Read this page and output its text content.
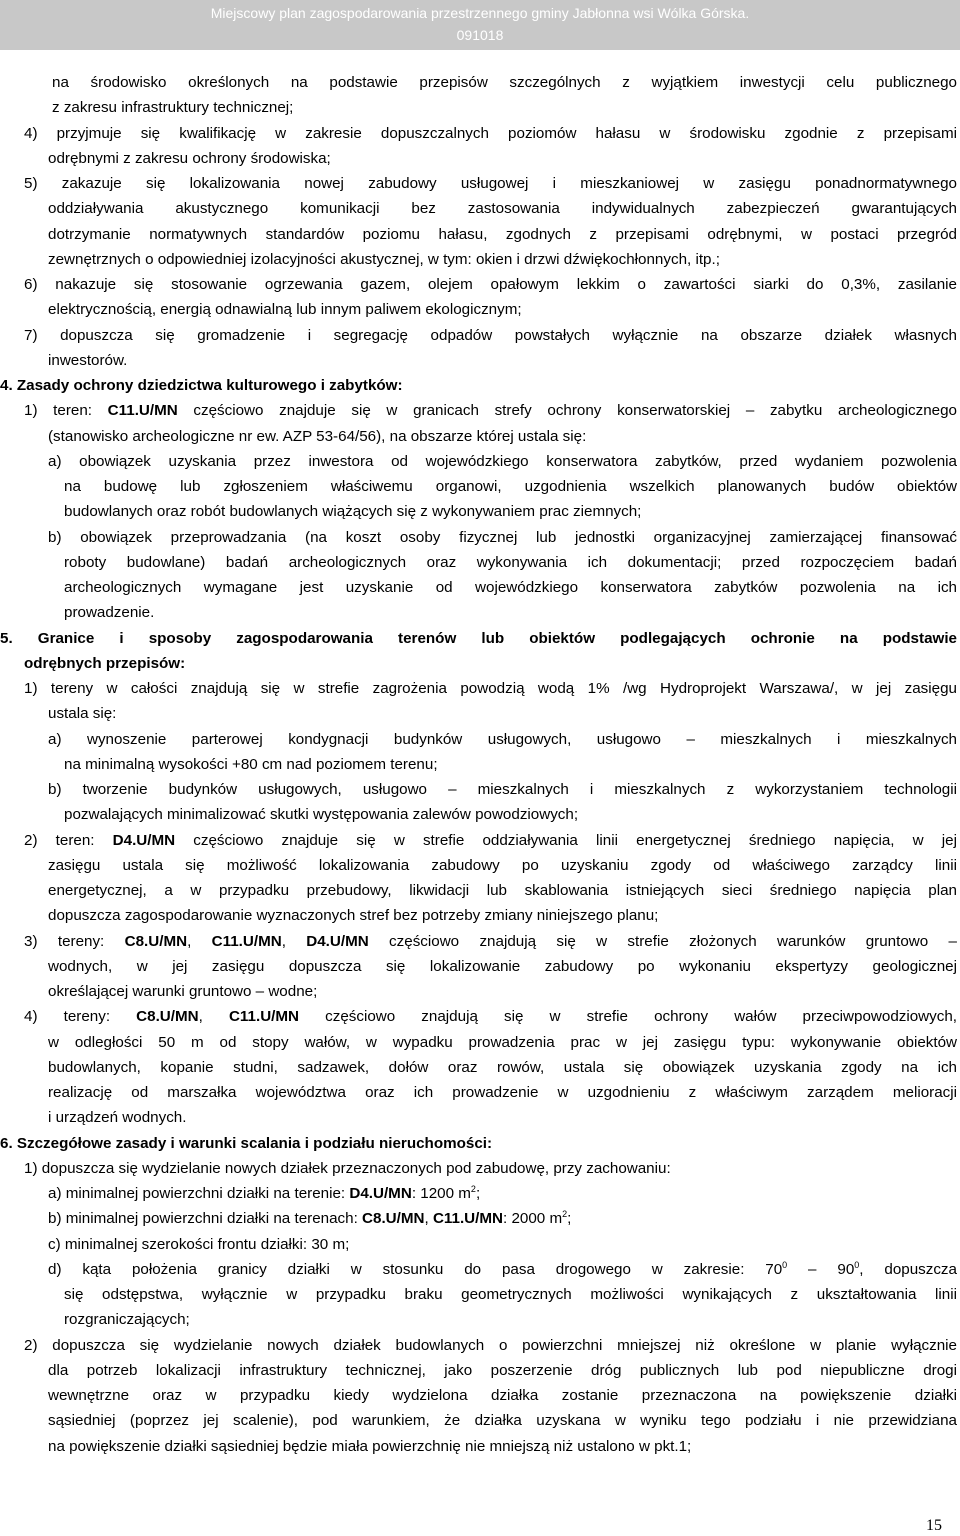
Miejscowy plan zagospodarowania przestrzennego gminy Jabłonna wsi Wólka Górska.
091018
na środowisko określonych na podstawie przepisów szczególnych z wyjątkiem inwestycji celu publicznego
z zakresu infrastruktury technicznej;
4) przyjmuje się kwalifikację w zakresie dopuszczalnych poziomów hałasu w środowisku zgodnie z przepisami
odrębnymi z zakresu ochrony środowiska;
5) zakazuje się lokalizowania nowej zabudowy usługowej i mieszkaniowej w zasięgu ponadnormatywnego
oddziaływania akustycznego komunikacji bez zastosowania indywidualnych zabezpieczeń gwarantujących
dotrzymanie normatywnych standardów poziomu hałasu, zgodnych z przepisami odrębnymi, w postaci przegród
zewnętrznych o odpowiedniej izolacyjności akustycznej, w tym: okien i drzwi dźwiękochłonnych, itp.;
6) nakazuje się stosowanie ogrzewania gazem, olejem opałowym lekkim o zawartości siarki do 0,3%, zasilanie
elektrycznością, energią odnawialną lub innym paliwem ekologicznym;
7) dopuszcza się gromadzenie i segregację odpadów powstałych wyłącznie na obszarze działek własnych
inwestorów.
4. Zasady ochrony dziedzictwa kulturowego i zabytków:
1) teren: C11.U/MN częściowo znajduje się w granicach strefy ochrony konserwatorskiej – zabytku archeologicznego
(stanowisko archeologiczne nr ew. AZP 53-64/56), na obszarze której ustala się:
a) obowiązek uzyskania przez inwestora od wojewódzkiego konserwatora zabytków, przed wydaniem pozwolenia
na budowę lub zgłoszeniem właściwemu organowi, uzgodnienia wszelkich planowanych budów obiektów
budowlanych oraz robót budowlanych wiążących się z wykonywaniem prac ziemnych;
b) obowiązek przeprowadzania (na koszt osoby fizycznej lub jednostki organizacyjnej zamierzającej finansować
roboty budowlane) badań archeologicznych oraz wykonywania ich dokumentacji; przed rozpoczęciem badań
archeologicznych wymagane jest uzyskanie od wojewódzkiego konserwatora zabytków pozwolenia na ich
prowadzenie.
5. Granice i sposoby zagospodarowania terenów lub obiektów podlegających ochronie na podstawie
odrębnych przepisów:
1) tereny w całości znajdują się w strefie zagrożenia powodzią wodą 1% /wg Hydroprojekt Warszawa/, w jej zasięgu
ustala się:
a) wynoszenie parterowej kondygnacji budynków usługowych, usługowo – mieszkalnych i mieszkalnych
na minimalną wysokości +80 cm nad poziomem terenu;
b) tworzenie budynków usługowych, usługowo – mieszkalnych i mieszkalnych z wykorzystaniem technologii
pozwalających minimalizować skutki występowania zalewów powodziowych;
2) teren: D4.U/MN częściowo znajduje się w strefie oddziaływania linii energetycznej średniego napięcia, w jej
zasięgu ustala się możliwość lokalizowania zabudowy po uzyskaniu zgody od właściwego zarządcy linii
energetycznej, a w przypadku przebudowy, likwidacji lub skablowania istniejących sieci średniego napięcia plan
dopuszcza zagospodarowanie wyznaczonych stref bez potrzeby zmiany niniejszego planu;
3) tereny: C8.U/MN, C11.U/MN, D4.U/MN częściowo znajdują się w strefie złożonych warunków gruntowo –
wodnych, w jej zasięgu dopuszcza się lokalizowanie zabudowy po wykonaniu ekspertyzy geologicznej
określającej warunki gruntowo – wodne;
4) tereny: C8.U/MN, C11.U/MN częściowo znajdują się w strefie ochrony wałów przeciwpowodziowych,
w odległości 50 m od stopy wałów, w wypadku prowadzenia prac w jej zasięgu typu: wykonywanie obiektów
budowlanych, kopanie studni, sadzawek, dołów oraz rowów, ustala się obowiązek uzyskania zgody na ich
realizację od marszałka województwa oraz ich prowadzenie w uzgodnieniu z właściwym zarządem melioracji
i urządzeń wodnych.
6. Szczegółowe zasady i warunki scalania i podziału nieruchomości:
1) dopuszcza się wydzielanie nowych działek przeznaczonych pod zabudowę, przy zachowaniu:
a) minimalnej powierzchni działki na terenie: D4.U/MN: 1200 $m^2$;
b) minimalnej powierzchni działki na terenach: C8.U/MN, C11.U/MN: 2000 $m^2$;
c) minimalnej szerokości frontu działki: 30 m;
d) kąta położenia granicy działki w stosunku do pasa drogowego w zakresie: $70^0 - 90^0$, dopuszcza
się odstępstwa, wyłącznie w przypadku braku geometrycznych możliwości wynikających z ukształtowania linii
rozgraniczających;
2) dopuszcza się wydzielanie nowych działek budowlanych o powierzchni mniejszej niż określone w planie wyłącznie
dla potrzeb lokalizacji infrastruktury technicznej, jako poszerzenie dróg publicznych lub pod niepubliczne drogi
wewnętrzne oraz w przypadku kiedy wydzielona działka zostanie przeznaczona na powiększenie działki
sąsiedniej (poprzez jej scalenie), pod warunkiem, że działka uzyskana w wyniku tego podziału i nie przewidziana
na powiększenie działki sąsiedniej będzie miała powierzchnię nie mniejszą niż ustalono w pkt.1;
15
